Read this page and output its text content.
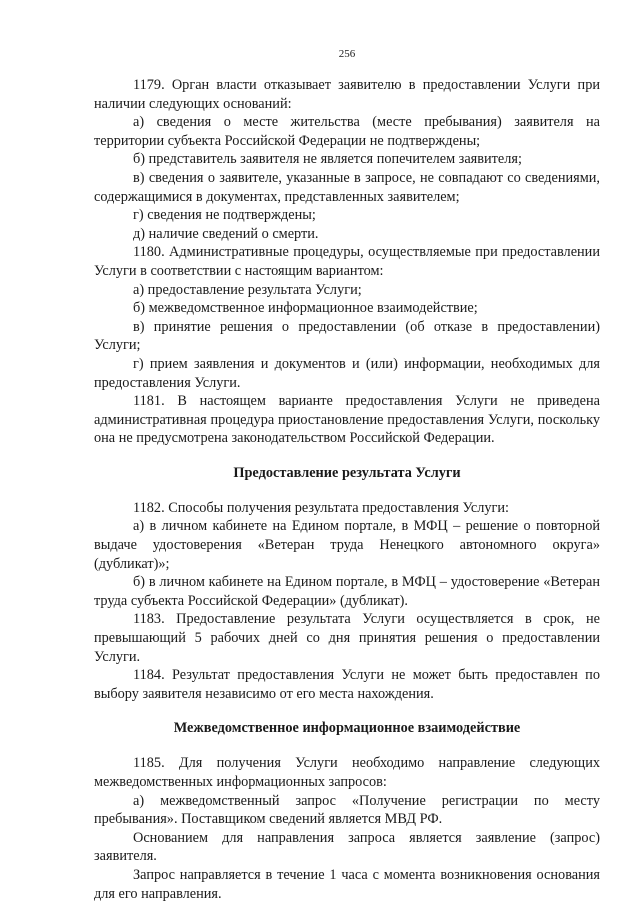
256

1179. Орган власти отказывает заявителю в предоставлении Услуги при наличии следующих оснований:

а) сведения о месте жительства (месте пребывания) заявителя на территории субъекта Российской Федерации не подтверждены;

б) представитель заявителя не является попечителем заявителя;

в) сведения о заявителе, указанные в запросе, не совпадают со сведениями, содержащимися в документах, представленных заявителем;

г) сведения не подтверждены;

д) наличие сведений о смерти.

1180. Административные процедуры, осуществляемые при предоставлении Услуги в соответствии с настоящим вариантом:

а) предоставление результата Услуги;

б) межведомственное информационное взаимодействие;

в) принятие решения о предоставлении (об отказе в предоставлении) Услуги;

г) прием заявления и документов и (или) информации, необходимых для предоставления Услуги.

1181. В настоящем варианте предоставления Услуги не приведена административная процедура приостановление предоставления Услуги, поскольку она не предусмотрена законодательством Российской Федерации.

Предоставление результата Услуги

1182. Способы получения результата предоставления Услуги:

а) в личном кабинете на Едином портале, в МФЦ – решение о повторной выдаче удостоверения «Ветеран труда Ненецкого автономного округа» (дубликат)»;

б) в личном кабинете на Едином портале, в МФЦ – удостоверение «Ветеран труда субъекта Российской Федерации» (дубликат).

1183. Предоставление результата Услуги осуществляется в срок, не превышающий 5 рабочих дней со дня принятия решения о предоставлении Услуги.

1184. Результат предоставления Услуги не может быть предоставлен по выбору заявителя независимо от его места нахождения.

Межведомственное информационное взаимодействие

1185. Для получения Услуги необходимо направление следующих межведомственных информационных запросов:

а) межведомственный запрос «Получение регистрации по месту пребывания». Поставщиком сведений является МВД РФ.

Основанием для направления запроса является заявление (запрос) заявителя.

Запрос направляется в течение 1 часа с момента возникновения основания для его направления.
